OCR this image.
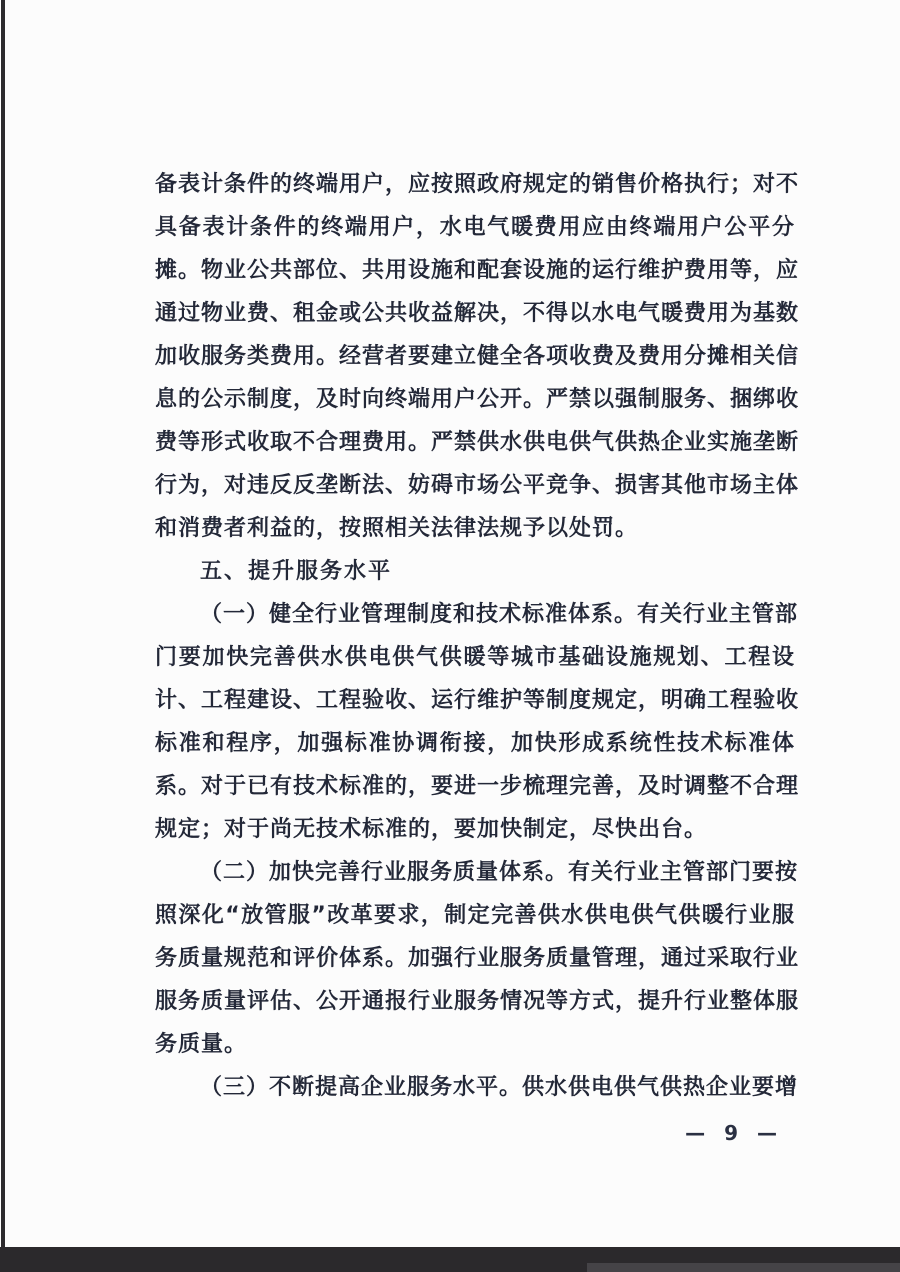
备表计条件的终端用户，应按照政府规定的销售价格执行；对不
具备表计条件的终端用户，水电气暖费用应由终端用户公平分
摊。物业公共部位、共用设施和配套设施的运行维护费用等，应
通过物业费、租金或公共收益解决，不得以水电气暖费用为基数
加收服务类费用。经营者要建立健全各项收费及费用分摊相关信
息的公示制度，及时向终端用户公开。严禁以强制服务、捆绑收
费等形式收取不合理费用。严禁供水供电供气供热企业实施垄断
行为，对违反反垄断法、妨碍市场公平竞争、损害其他市场主体
和消费者利益的，按照相关法律法规予以处罚。
五、提升服务水平
（一）健全行业管理制度和技术标准体系。有关行业主管部
门要加快完善供水供电供气供暖等城市基础设施规划、工程设
计、工程建设、工程验收、运行维护等制度规定，明确工程验收
标准和程序，加强标准协调衔接，加快形成系统性技术标准体
系。对于已有技术标准的，要进一步梳理完善，及时调整不合理
规定；对于尚无技术标准的，要加快制定，尽快出台。
（二）加快完善行业服务质量体系。有关行业主管部门要按
照深化“放管服”改革要求，制定完善供水供电供气供暖行业服
务质量规范和评价体系。加强行业服务质量管理，通过采取行业
服务质量评估、公开通报行业服务情况等方式，提升行业整体服
务质量。
（三）不断提高企业服务水平。供水供电供气供热企业要增
— 9 —
